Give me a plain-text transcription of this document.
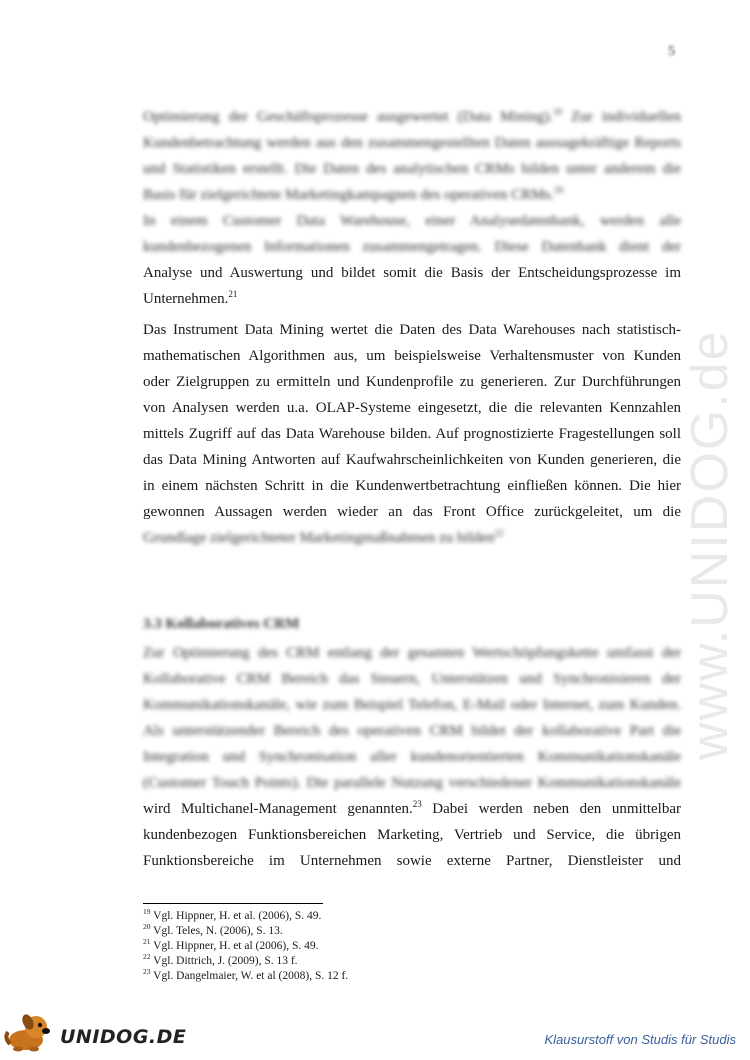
5
www.UNIDOG.de
Optimierung der Geschäftsprozesse ausgewertet (Data Mining).$^{19}$ Zur individuellen
Kundenbetrachtung werden aus den zusammengestellten Daten aussagekräftige Reports
und Statistiken erstellt. Die Daten des analytischen CRMs bilden unter anderem die
Basis für zielgerichtete Marketingkampagnen des operativen CRMs.$^{20}$
In einem Customer Data Warehouse, einer Analysedatenbank, werden alle
kundenbezogenen Informationen zusammengetragen. Diese Datenbank dient der
Analyse und Auswertung und bildet somit die Basis der Entscheidungsprozesse im
Unternehmen.$^{21}$
Das Instrument Data Mining wertet die Daten des Data Warehouses nach statistisch-
mathematischen Algorithmen aus, um beispielsweise Verhaltensmuster von Kunden
oder Zielgruppen zu ermitteln und Kundenprofile zu generieren. Zur Durchführungen
von Analysen werden u.a. OLAP-Systeme eingesetzt, die die relevanten Kennzahlen
mittels Zugriff auf das Data Warehouse bilden. Auf prognostizierte Fragestellungen soll
das Data Mining Antworten auf Kaufwahrscheinlichkeiten von Kunden generieren, die
in einem nächsten Schritt in die Kundenwertbetrachtung einfließen können. Die hier
gewonnen Aussagen werden wieder an das Front Office zurückgeleitet, um die
Grundlage zielgerichteter Marketingmaßnahmen zu bilden$^{22}$
3.3 Kollaboratives CRM
Zur Optimierung des CRM entlang der gesamten Wertschöpfungskette umfasst der
Kollaborative CRM Bereich das Steuern, Unterstützen und Synchronisieren der
Kommunikationskanäle, wie zum Beispiel Telefon, E-Mail oder Internet, zum Kunden.
Als unterstützender Bereich des operativen CRM bildet der kollaborative Part die
Integration und Synchronisation aller kundenorientierten Kommunikationskanäle
(Customer Touch Points). Die parallele Nutzung verschiedener Kommunikationskanäle
wird Multichanel-Management genannten.$^{23}$ Dabei werden neben den unmittelbar
kundenbezogen Funktionsbereichen Marketing, Vertrieb und Service, die übrigen
Funktionsbereiche im Unternehmen sowie externe Partner, Dienstleister und
$^{19}$ Vgl. Hippner, H. et al. (2006), S. 49.
$^{20}$ Vgl. Teles, N. (2006), S. 13.
$^{21}$ Vgl. Hippner, H. et al (2006), S. 49.
$^{22}$ Vgl. Dittrich, J. (2009), S. 13 f.
$^{23}$ Vgl. Dangelmaier, W. et al (2008), S. 12 f.
UNIDOG.DE	Klausurstoff von Studis für Studis
